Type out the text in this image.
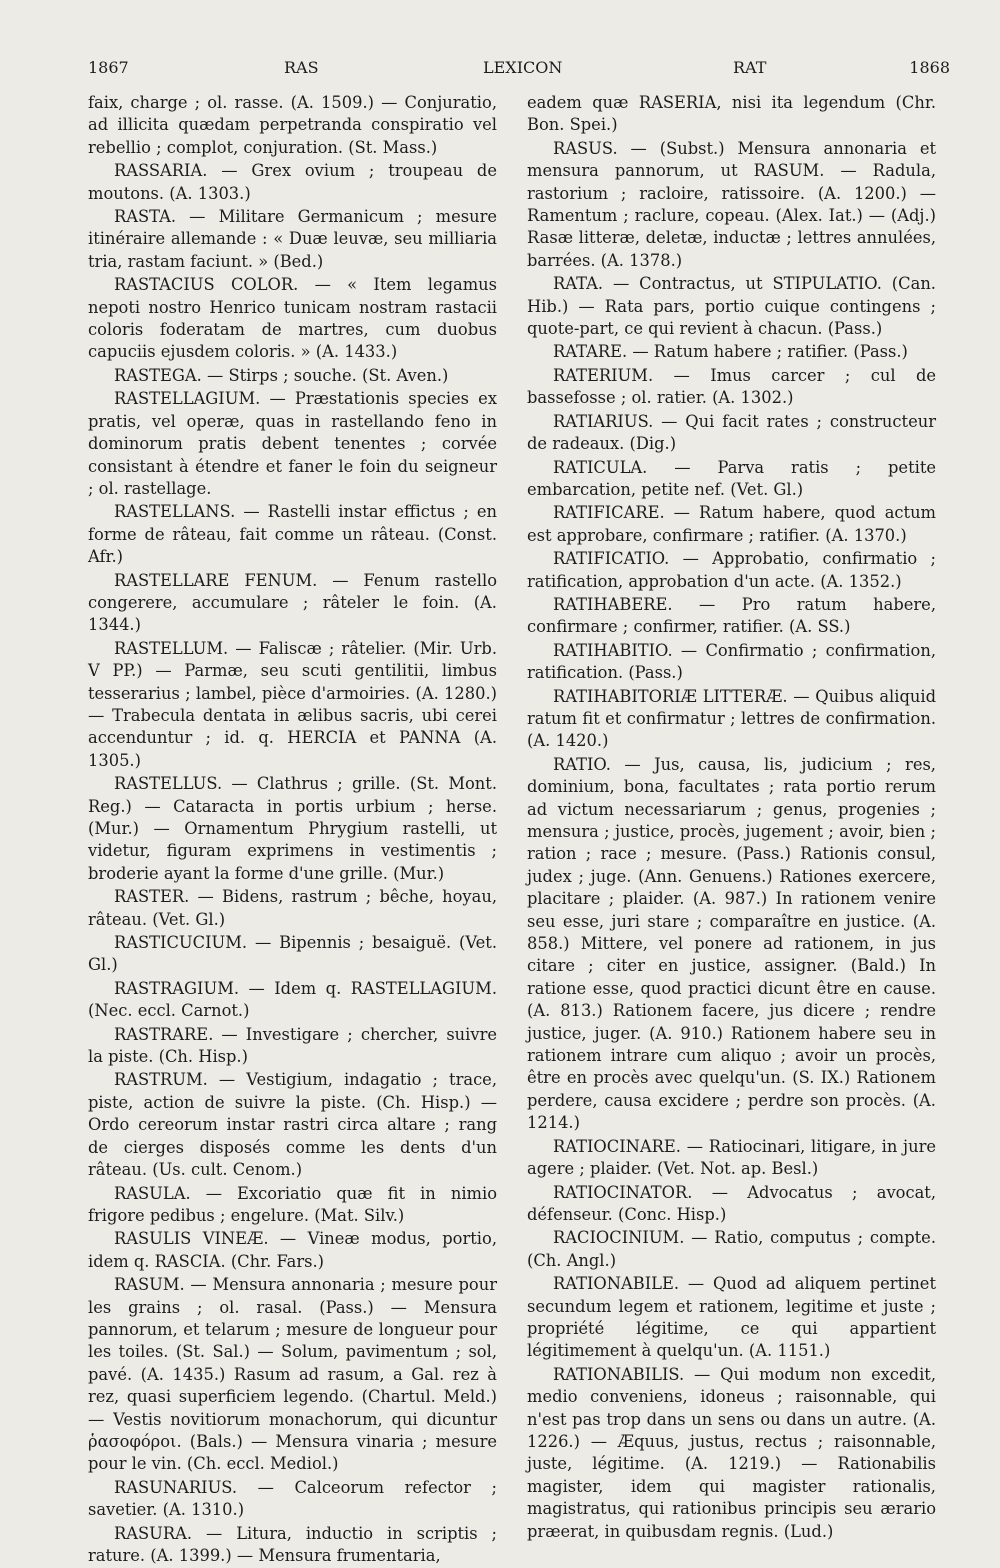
1867	RAS	LEXICON	RAT	1868

faix, charge ; ol. rasse. (A. 1509.) — Conjuratio, ad illicita quædam perpetranda conspiratio vel rebellio ; complot, conjuration. (St. Mass.)

RASSARIA. — Grex ovium ; troupeau de moutons. (A. 1303.)

RASTA. — Militare Germanicum ; mesure itinéraire allemande : « Duæ leuvæ, seu milliaria tria, rastam faciunt. » (Bed.)

RASTACIUS COLOR. — « Item legamus nepoti nostro Henrico tunicam nostram rastacii coloris foderatam de martres, cum duobus capuciis ejusdem coloris. » (A. 1433.)

RASTEGA. — Stirps ; souche. (St. Aven.)

RASTELLAGIUM. — Præstationis species ex pratis, vel operæ, quas in rastellando feno in dominorum pratis debent tenentes ; corvée consistant à étendre et faner le foin du seigneur ; ol. rastellage.

RASTELLANS. — Rastelli instar effictus ; en forme de râteau, fait comme un râteau. (Const. Afr.)

RASTELLARE FENUM. — Fenum rastello congerere, accumulare ; râteler le foin. (A. 1344.)

RASTELLUM. — Faliscæ ; râtelier. (Mir. Urb. V PP.) — Parmæ, seu scuti gentilitii, limbus tesserarius ; lambel, pièce d'armoiries. (A. 1280.) — Trabecula dentata in ælibus sacris, ubi cerei accenduntur ; id. q. HERCIA et PANNA (A. 1305.)

RASTELLUS. — Clathrus ; grille. (St. Mont. Reg.) — Cataracta in portis urbium ; herse. (Mur.) — Ornamentum Phrygium rastelli, ut videtur, figuram exprimens in vestimentis ; broderie ayant la forme d'une grille. (Mur.)

RASTER. — Bidens, rastrum ; bêche, hoyau, râteau. (Vet. Gl.)

RASTICUCIUM. — Bipennis ; besaiguë. (Vet. Gl.)

RASTRAGIUM. — Idem q. RASTELLAGIUM. (Nec. eccl. Carnot.)

RASTRARE. — Investigare ; chercher, suivre la piste. (Ch. Hisp.)

RASTRUM. — Vestigium, indagatio ; trace, piste, action de suivre la piste. (Ch. Hisp.) — Ordo cereorum instar rastri circa altare ; rang de cierges disposés comme les dents d'un râteau. (Us. cult. Cenom.)

RASULA. — Excoriatio quæ fit in nimio frigore pedibus ; engelure. (Mat. Silv.)

RASULIS VINEÆ. — Vineæ modus, portio, idem q. RASCIA. (Chr. Fars.)

RASUM. — Mensura annonaria ; mesure pour les grains ; ol. rasal. (Pass.) — Mensura pannorum, et telarum ; mesure de longueur pour les toiles. (St. Sal.) — Solum, pavimentum ; sol, pavé. (A. 1435.) Rasum ad rasum, a Gal. rez à rez, quasi superficiem legendo. (Chartul. Meld.) — Vestis novitiorum monachorum, qui dicuntur ῥασοφόροι. (Bals.) — Mensura vinaria ; mesure pour le vin. (Ch. eccl. Mediol.)

RASUNARIUS. — Calceorum refector ; savetier. (A. 1310.)

RASURA. — Litura, inductio in scriptis ; rature. (A. 1399.) — Mensura frumentaria,

eadem quæ RASERIA, nisi ita legendum (Chr. Bon. Spei.)

RASUS. — (Subst.) Mensura annonaria et mensura pannorum, ut RASUM. — Radula, rastorium ; racloire, ratissoire. (A. 1200.) — Ramentum ; raclure, copeau. (Alex. Iat.) — (Adj.) Rasæ litteræ, deletæ, inductæ ; lettres annulées, barrées. (A. 1378.)

RATA. — Contractus, ut STIPULATIO. (Can. Hib.) — Rata pars, portio cuique contingens ; quote-part, ce qui revient à chacun. (Pass.)

RATARE. — Ratum habere ; ratifier. (Pass.)

RATERIUM. — Imus carcer ; cul de bassefosse ; ol. ratier. (A. 1302.)

RATIARIUS. — Qui facit rates ; constructeur de radeaux. (Dig.)

RATICULA. — Parva ratis ; petite embarcation, petite nef. (Vet. Gl.)

RATIFICARE. — Ratum habere, quod actum est approbare, confirmare ; ratifier. (A. 1370.)

RATIFICATIO. — Approbatio, confirmatio ; ratification, approbation d'un acte. (A. 1352.)

RATIHABERE. — Pro ratum habere, confirmare ; confirmer, ratifier. (A. SS.)

RATIHABITIO. — Confirmatio ; confirmation, ratification. (Pass.)

RATIHABITORIÆ LITTERÆ. — Quibus aliquid ratum fit et confirmatur ; lettres de confirmation. (A. 1420.)

RATIO. — Jus, causa, lis, judicium ; res, dominium, bona, facultates ; rata portio rerum ad victum necessariarum ; genus, progenies ; mensura ; justice, procès, jugement ; avoir, bien ; ration ; race ; mesure. (Pass.) Rationis consul, judex ; juge. (Ann. Genuens.) Rationes exercere, placitare ; plaider. (A. 987.) In rationem venire seu esse, juri stare ; comparaître en justice. (A. 858.) Mittere, vel ponere ad rationem, in jus citare ; citer en justice, assigner. (Bald.) In ratione esse, quod practici dicunt être en cause. (A. 813.) Rationem facere, jus dicere ; rendre justice, juger. (A. 910.) Rationem habere seu in rationem intrare cum aliquo ; avoir un procès, être en procès avec quelqu'un. (S. IX.) Rationem perdere, causa excidere ; perdre son procès. (A. 1214.)

RATIOCINARE. — Ratiocinari, litigare, in jure agere ; plaider. (Vet. Not. ap. Besl.)

RATIOCINATOR. — Advocatus ; avocat, défenseur. (Conc. Hisp.)

RACIOCINIUM. — Ratio, computus ; compte. (Ch. Angl.)

RATIONABILE. — Quod ad aliquem pertinet secundum legem et rationem, legitime et juste ; propriété légitime, ce qui appartient légitimement à quelqu'un. (A. 1151.)

RATIONABILIS. — Qui modum non excedit, medio conveniens, idoneus ; raisonnable, qui n'est pas trop dans un sens ou dans un autre. (A. 1226.) — Æquus, justus, rectus ; raisonnable, juste, légitime. (A. 1219.) — Rationabilis magister, idem qui magister rationalis, magistratus, qui rationibus principis seu ærario præerat, in quibusdam regnis. (Lud.)
